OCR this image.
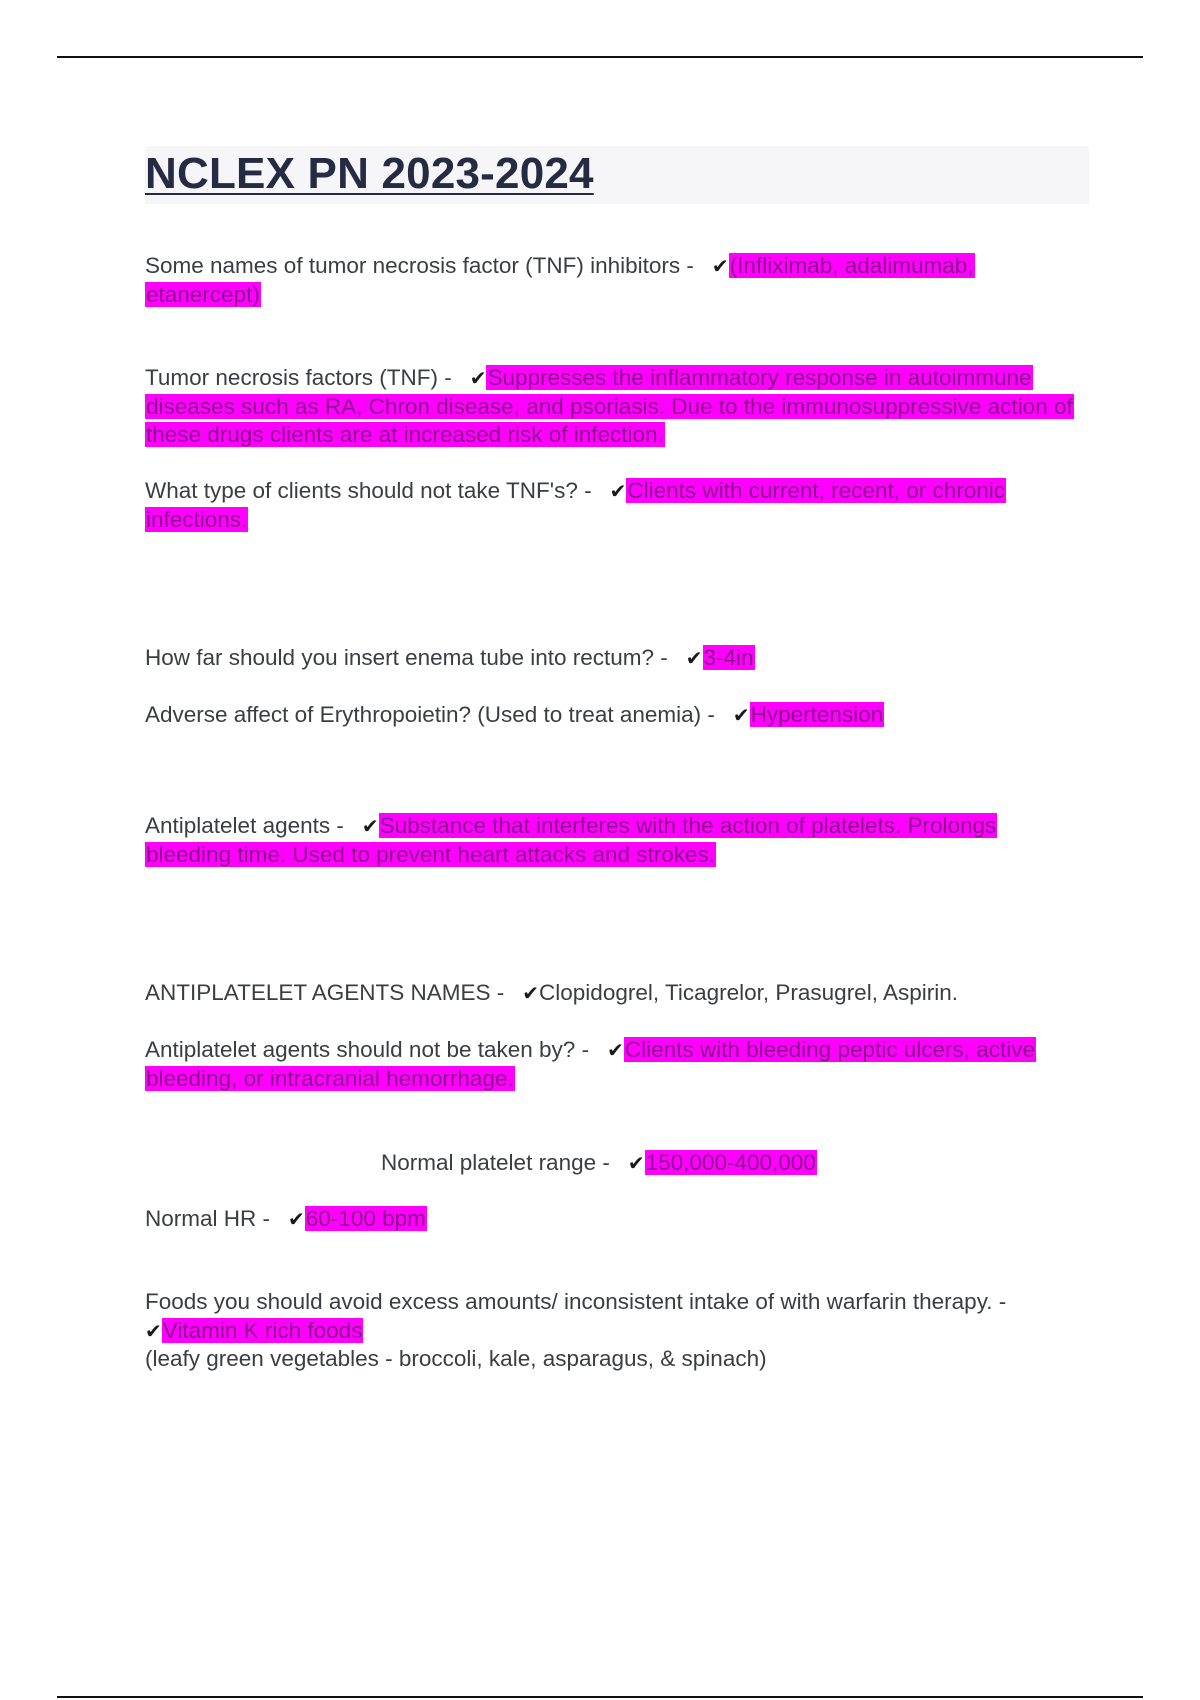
NCLEX PN 2023-2024
Some names of tumor necrosis factor (TNF) inhibitors - ✔(Infliximab, adalimumab, etanercept)
Tumor necrosis factors (TNF) - ✔Suppresses the inflammatory response in autoimmune diseases such as RA, Chron disease, and psoriasis. Due to the immunosuppressive action of these drugs clients are at increased risk of infection.
What type of clients should not take TNF's? - ✔Clients with current, recent, or chronic infections.
How far should you insert enema tube into rectum? - ✔3-4in
Adverse affect of Erythropoietin? (Used to treat anemia) - ✔Hypertension
Antiplatelet agents - ✔Substance that interferes with the action of platelets. Prolongs bleeding time. Used to prevent heart attacks and strokes.
ANTIPLATELET AGENTS NAMES - ✔Clopidogrel, Ticagrelor, Prasugrel, Aspirin.
Antiplatelet agents should not be taken by? - ✔Clients with bleeding peptic ulcers, active bleeding, or intracranial hemorrhage.
Normal platelet range - ✔150,000-400,000
Normal HR - ✔60-100 bpm
Foods you should avoid excess amounts/ inconsistent intake of with warfarin therapy. -
✔Vitamin K rich foods
(leafy green vegetables - broccoli, kale, asparagus, & spinach)
